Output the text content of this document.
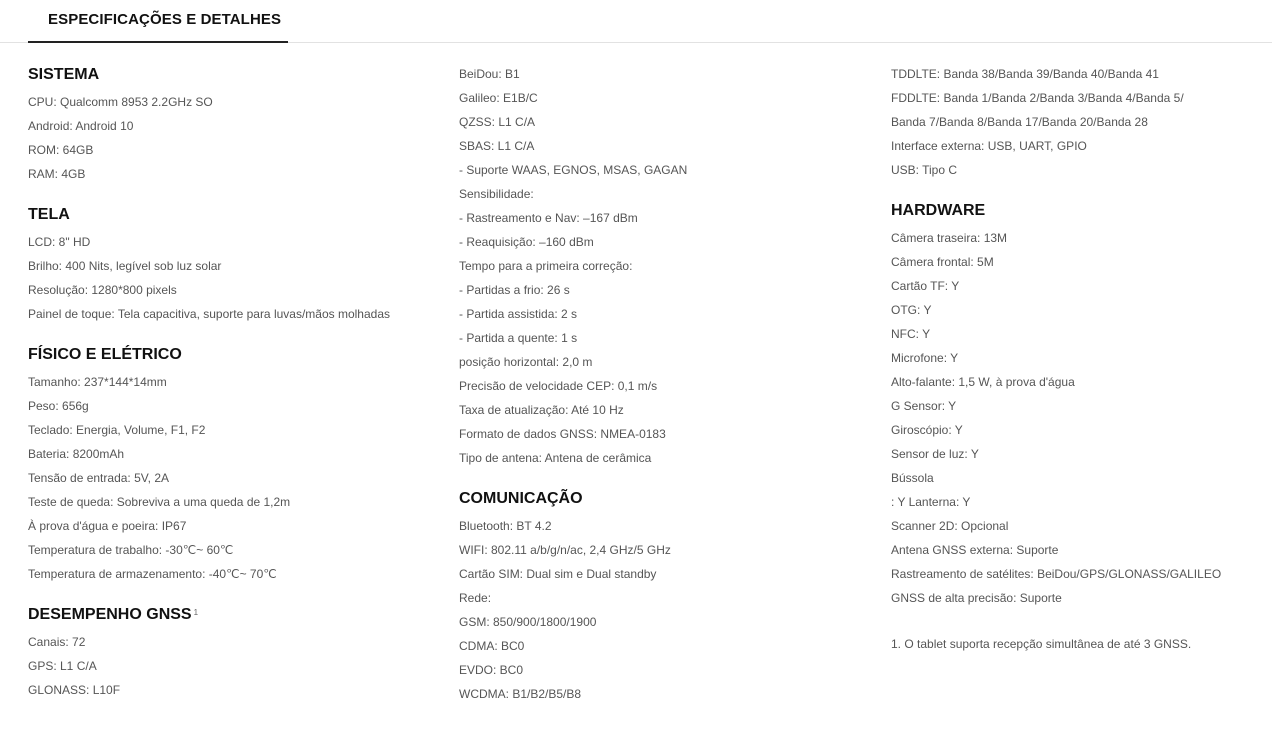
ESPECIFICAÇÕES E DETALHES
SISTEMA
CPU: Qualcomm 8953 2.2GHz SO
Android: Android 10
ROM: 64GB
RAM: 4GB
TELA
LCD: 8" HD
Brilho: 400 Nits, legível sob luz solar
Resolução: 1280*800 pixels
Painel de toque: Tela capacitiva, suporte para luvas/mãos molhadas
FÍSICO E ELÉTRICO
Tamanho: 237*144*14mm
Peso: 656g
Teclado: Energia, Volume, F1, F2
Bateria: 8200mAh
Tensão de entrada: 5V, 2A
Teste de queda: Sobreviva a uma queda de 1,2m
À prova d'água e poeira: IP67
Temperatura de trabalho: -30℃~ 60℃
Temperatura de armazenamento: -40℃~ 70℃
DESEMPENHO GNSS $^1$
Canais: 72
GPS: L1 C/A
GLONASS: L10F
BeiDou: B1
Galileo: E1B/C
QZSS: L1 C/A
SBAS: L1 C/A
- Suporte WAAS, EGNOS, MSAS, GAGAN
Sensibilidade:
- Rastreamento e Nav: –167 dBm
- Reaquisição: –160 dBm
Tempo para a primeira correção:
- Partidas a frio: 26 s
- Partida assistida: 2 s
- Partida a quente: 1 s
posição horizontal: 2,0 m
Precisão de velocidade CEP: 0,1 m/s
Taxa de atualização: Até 10 Hz
Formato de dados GNSS: NMEA-0183
Tipo de antena: Antena de cerâmica
COMUNICAÇÃO
Bluetooth: BT 4.2
WIFI: 802.11 a/b/g/n/ac, 2,4 GHz/5 GHz
Cartão SIM: Dual sim e Dual standby
Rede:
GSM: 850/900/1800/1900
CDMA: BC0
EVDO: BC0
WCDMA: B1/B2/B5/B8
TDDLTE: Banda 38/Banda 39/Banda 40/Banda 41
FDDLTE: Banda 1/Banda 2/Banda 3/Banda 4/Banda 5/
Banda 7/Banda 8/Banda 17/Banda 20/Banda 28
Interface externa: USB, UART, GPIO
USB: Tipo C
HARDWARE
Câmera traseira: 13M
Câmera frontal: 5M
Cartão TF: Y
OTG: Y
NFC: Y
Microfone: Y
Alto-falante: 1,5 W, à prova d'água
G Sensor: Y
Giroscópio: Y
Sensor de luz: Y
Bússola
: Y Lanterna: Y
Scanner 2D: Opcional
Antena GNSS externa: Suporte
Rastreamento de satélites: BeiDou/GPS/GLONASS/GALILEO
GNSS de alta precisão: Suporte
1. O tablet suporta recepção simultânea de até 3 GNSS.
